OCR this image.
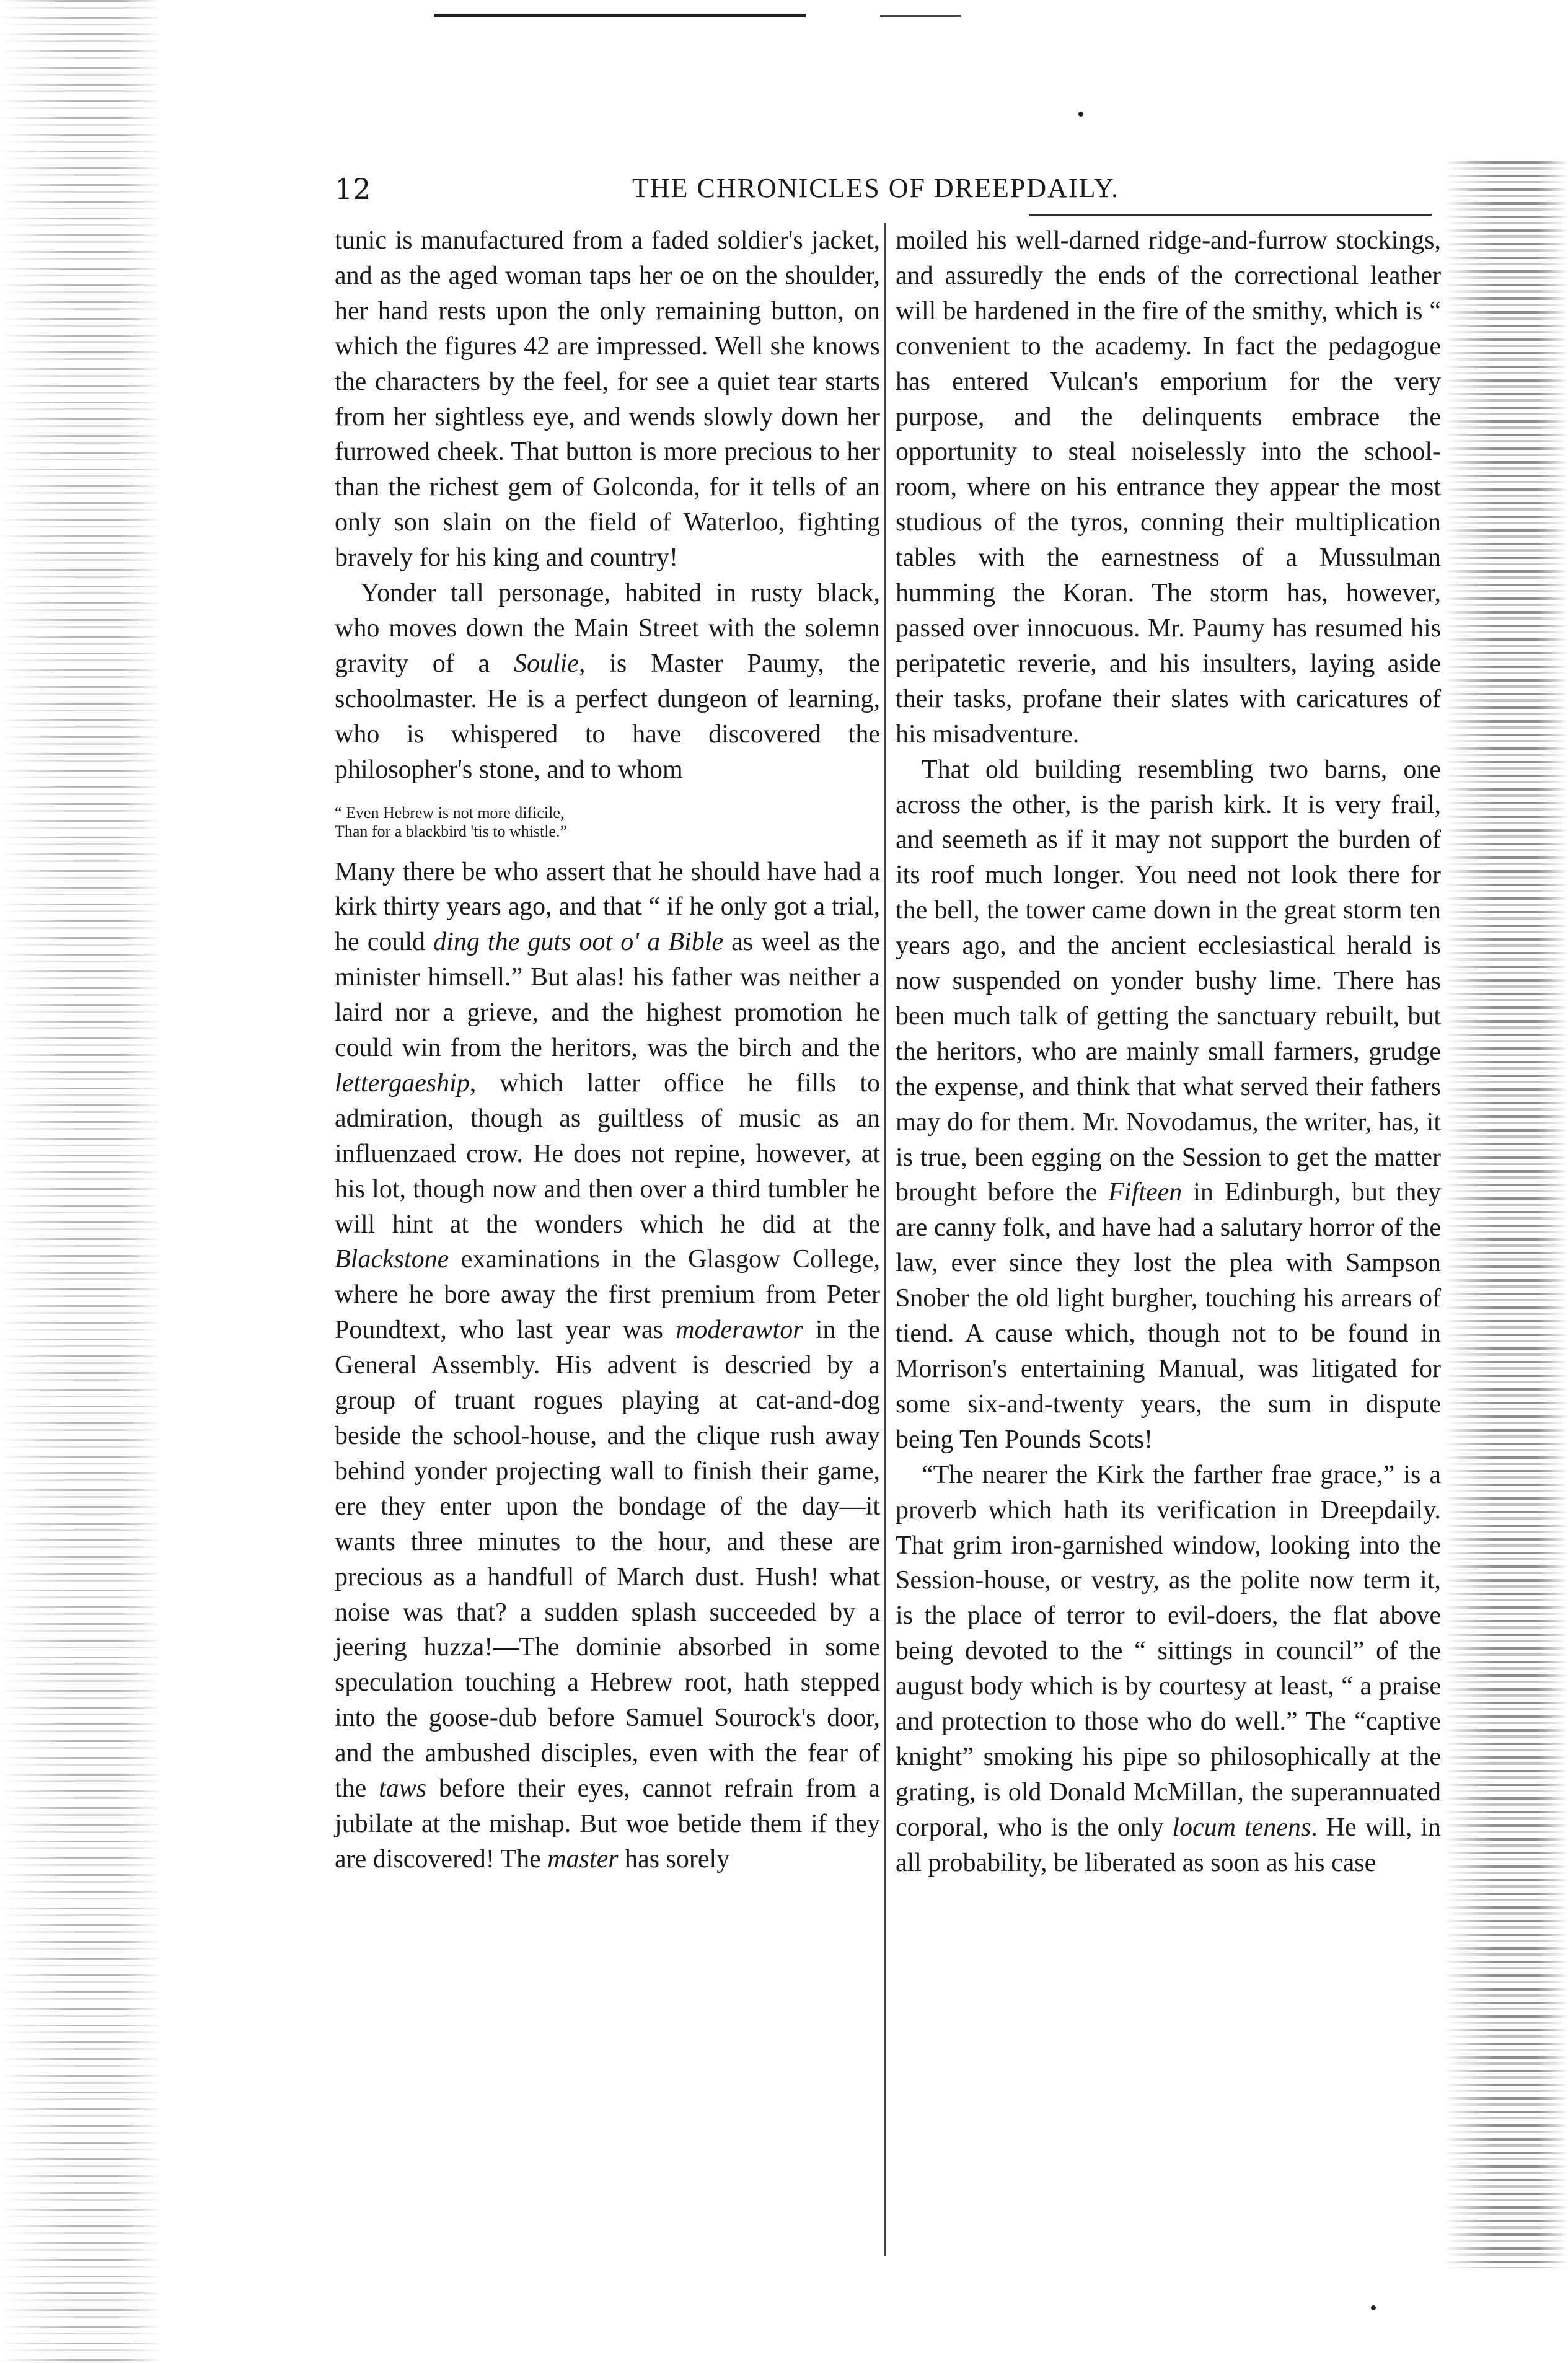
12	THE CHRONICLES OF DREEPDAILY.

tunic is manufactured from a faded soldier's jacket, and as the aged woman taps her oe on the shoulder, her hand rests upon the only remaining button, on which the figures 42 are impressed. Well she knows the characters by the feel, for see a quiet tear starts from her sightless eye, and wends slowly down her furrowed cheek. That button is more precious to her than the richest gem of Golconda, for it tells of an only son slain on the field of Waterloo, fighting bravely for his king and country!

Yonder tall personage, habited in rusty black, who moves down the Main Street with the solemn gravity of a Soulie, is Master Paumy, the schoolmaster. He is a perfect dungeon of learning, who is whispered to have discovered the philosopher's stone, and to whom

“ Even Hebrew is not more dificile,
Than for a blackbird 'tis to whistle.”

Many there be who assert that he should have had a kirk thirty years ago, and that “ if he only got a trial, he could ding the guts oot o' a Bible as weel as the minister himsell.” But alas! his father was neither a laird nor a grieve, and the highest promotion he could win from the heritors, was the birch and the lettergaeship, which latter office he fills to admiration, though as guiltless of music as an influenzaed crow. He does not repine, however, at his lot, though now and then over a third tumbler he will hint at the wonders which he did at the Blackstone examinations in the Glasgow College, where he bore away the first premium from Peter Poundtext, who last year was moderawtor in the General Assembly. His advent is descried by a group of truant rogues playing at cat-and-dog beside the school-house, and the clique rush away behind yonder projecting wall to finish their game, ere they enter upon the bondage of the day—it wants three minutes to the hour, and these are precious as a handfull of March dust. Hush! what noise was that? a sudden splash succeeded by a jeering huzza!—The dominie absorbed in some speculation touching a Hebrew root, hath stepped into the goose-dub before Samuel Sourock's door, and the ambushed disciples, even with the fear of the taws before their eyes, cannot refrain from a jubilate at the mishap. But woe betide them if they are discovered! The master has sorely

moiled his well-darned ridge-and-furrow stockings, and assuredly the ends of the correctional leather will be hardened in the fire of the smithy, which is “ convenient to the academy. In fact the pedagogue has entered Vulcan's emporium for the very purpose, and the delinquents embrace the opportunity to steal noiselessly into the school-room, where on his entrance they appear the most studious of the tyros, conning their multiplication tables with the earnestness of a Mussulman humming the Koran. The storm has, however, passed over innocuous. Mr. Paumy has resumed his peripatetic reverie, and his insulters, laying aside their tasks, profane their slates with caricatures of his misadventure.

That old building resembling two barns, one across the other, is the parish kirk. It is very frail, and seemeth as if it may not support the burden of its roof much longer. You need not look there for the bell, the tower came down in the great storm ten years ago, and the ancient ecclesiastical herald is now suspended on yonder bushy lime. There has been much talk of getting the sanctuary rebuilt, but the heritors, who are mainly small farmers, grudge the expense, and think that what served their fathers may do for them. Mr. Novodamus, the writer, has, it is true, been egging on the Session to get the matter brought before the Fifteen in Edinburgh, but they are canny folk, and have had a salutary horror of the law, ever since they lost the plea with Sampson Snober the old light burgher, touching his arrears of tiend. A cause which, though not to be found in Morrison's entertaining Manual, was litigated for some six-and-twenty years, the sum in dispute being Ten Pounds Scots!

“The nearer the Kirk the farther frae grace,” is a proverb which hath its verification in Dreepdaily. That grim iron-garnished window, looking into the Session-house, or vestry, as the polite now term it, is the place of terror to evil-doers, the flat above being devoted to the “ sittings in council” of the august body which is by courtesy at least, “ a praise and protection to those who do well.” The “captive knight” smoking his pipe so philosophically at the grating, is old Donald McMillan, the superannuated corporal, who is the only locum tenens. He will, in all probability, be liberated as soon as his case
